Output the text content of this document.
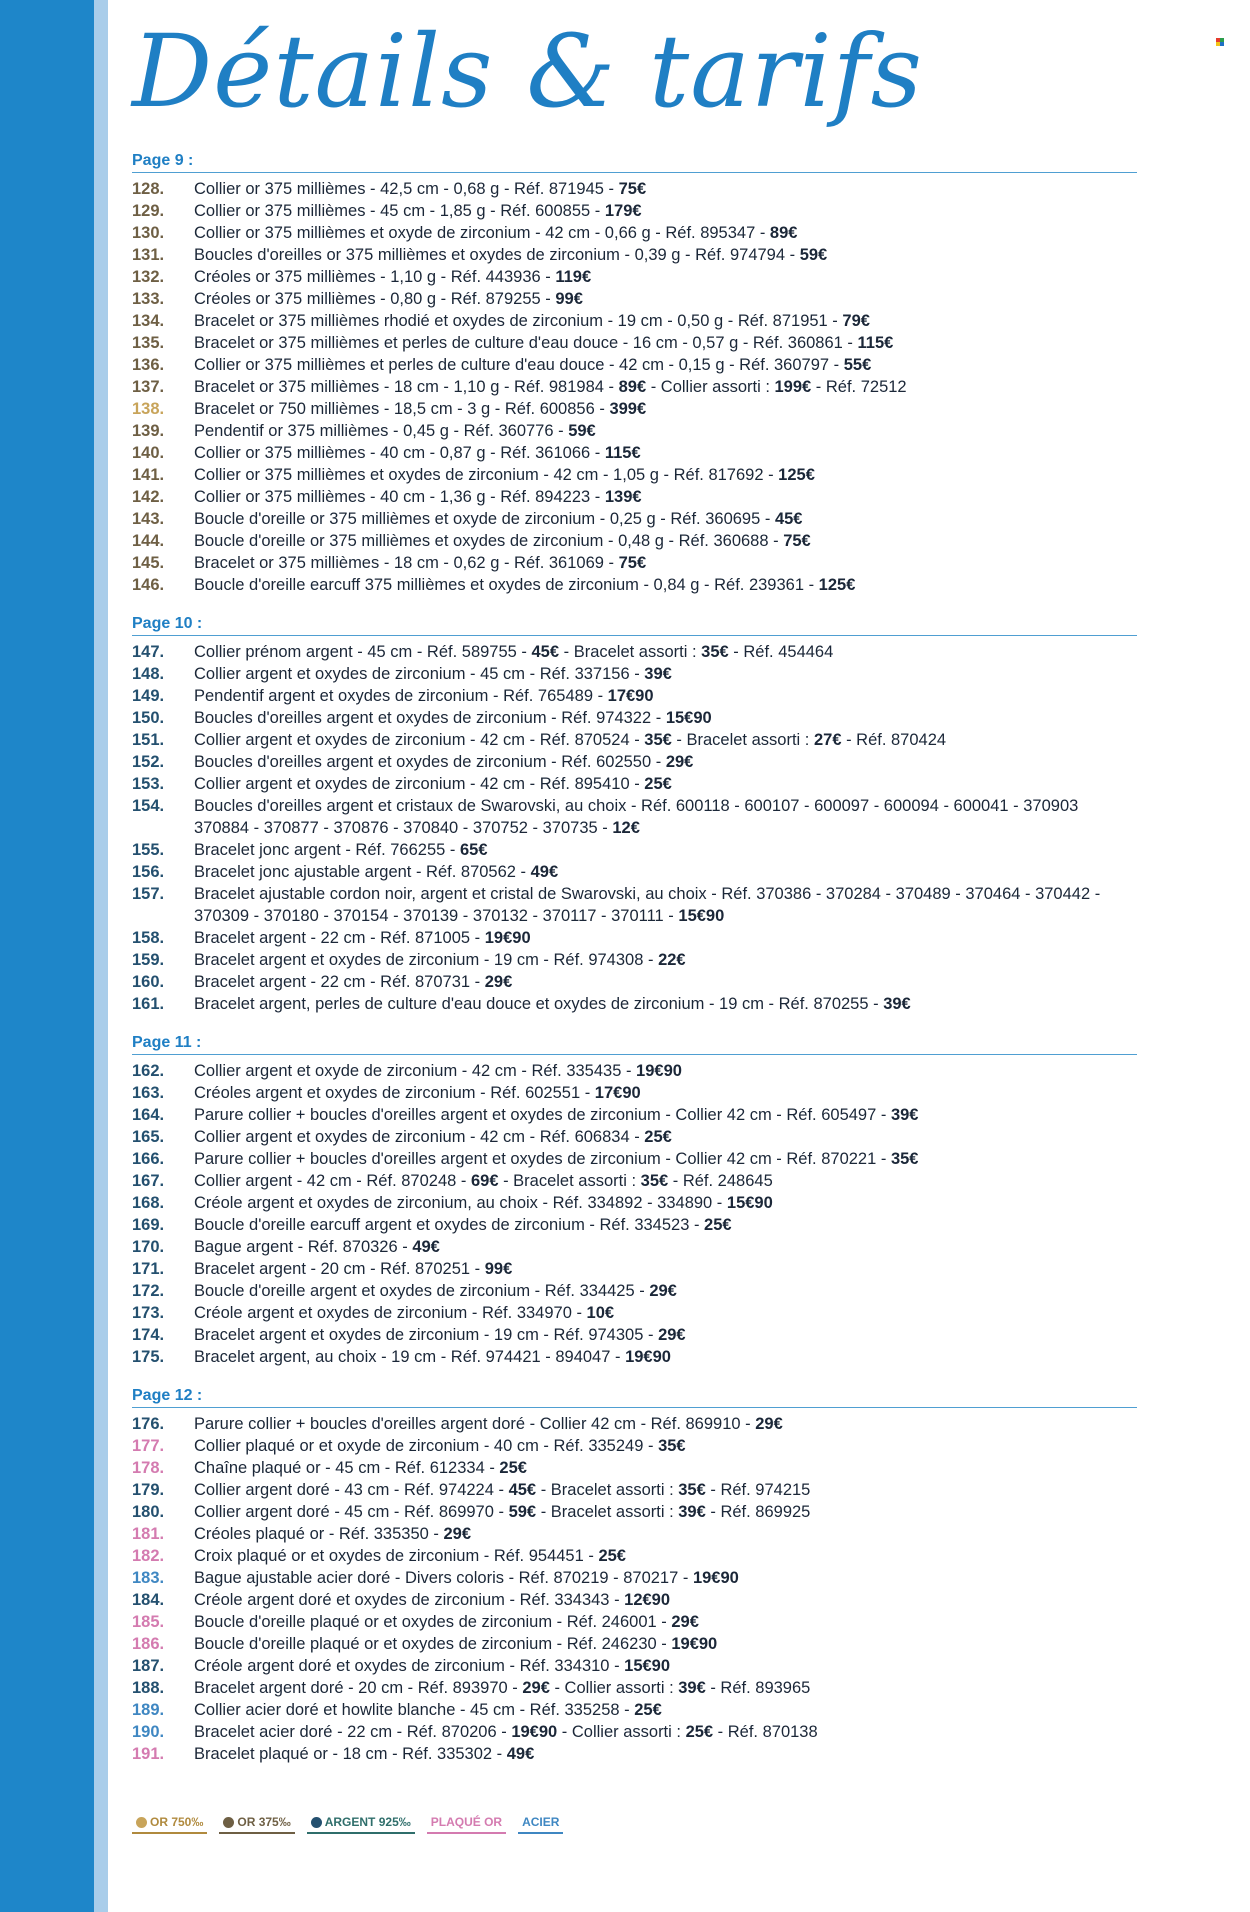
Détails & tarifs
Page 9 :
128.	Collier or 375 millièmes - 42,5 cm - 0,68 g - Réf. 871945 - 75€
129.	Collier or 375 millièmes - 45 cm - 1,85 g - Réf. 600855 - 179€
130.	Collier or 375 millièmes et oxyde de zirconium - 42 cm - 0,66 g - Réf. 895347 - 89€
131.	Boucles d'oreilles or 375 millièmes et oxydes de zirconium - 0,39 g - Réf. 974794 - 59€
132.	Créoles or 375 millièmes - 1,10 g - Réf. 443936 - 119€
133.	Créoles or 375 millièmes - 0,80 g - Réf. 879255 - 99€
134.	Bracelet or 375 millièmes rhodié et oxydes de zirconium - 19 cm - 0,50 g - Réf. 871951 - 79€
135.	Bracelet or 375 millièmes et perles de culture d'eau douce - 16 cm - 0,57 g - Réf. 360861 - 115€
136.	Collier or 375 millièmes et perles de culture d'eau douce - 42 cm - 0,15 g - Réf. 360797 - 55€
137.	Bracelet or 375 millièmes - 18 cm - 1,10 g - Réf. 981984 - 89€ - Collier assorti : 199€ - Réf. 72512
138.	Bracelet or 750 millièmes - 18,5 cm - 3 g - Réf. 600856 - 399€
139.	Pendentif or 375 millièmes - 0,45 g - Réf. 360776 - 59€
140.	Collier or 375 millièmes - 40 cm - 0,87 g - Réf. 361066 - 115€
141.	Collier or 375 millièmes et oxydes de zirconium - 42 cm - 1,05 g - Réf. 817692 - 125€
142.	Collier or 375 millièmes - 40 cm - 1,36 g - Réf. 894223 - 139€
143.	Boucle d'oreille or 375 millièmes et oxyde de zirconium - 0,25 g - Réf. 360695 - 45€
144.	Boucle d'oreille or 375 millièmes et oxydes de zirconium - 0,48 g - Réf. 360688 - 75€
145.	Bracelet or 375 millièmes - 18 cm - 0,62 g - Réf. 361069 - 75€
146.	Boucle d'oreille earcuff 375 millièmes et oxydes de zirconium - 0,84 g - Réf. 239361 - 125€
Page 10 :
147.	Collier prénom argent - 45 cm - Réf. 589755 - 45€ - Bracelet assorti : 35€ - Réf. 454464
148.	Collier argent et oxydes de zirconium - 45 cm - Réf. 337156 - 39€
149.	Pendentif argent et oxydes de zirconium - Réf. 765489 - 17€90
150.	Boucles d'oreilles argent et oxydes de zirconium - Réf. 974322 - 15€90
151.	Collier argent et oxydes de zirconium - 42 cm - Réf. 870524 - 35€ - Bracelet assorti : 27€ - Réf. 870424
152.	Boucles d'oreilles argent et oxydes de zirconium - Réf. 602550 - 29€
153.	Collier argent et oxydes de zirconium - 42 cm - Réf. 895410 - 25€
154.	Boucles d'oreilles argent et cristaux de Swarovski, au choix - Réf. 600118 - 600107 - 600097 - 600094 - 600041 - 370903 370884 - 370877 - 370876 - 370840 - 370752 - 370735 - 12€
155.	Bracelet jonc argent - Réf. 766255 - 65€
156.	Bracelet jonc ajustable argent - Réf. 870562 - 49€
157.	Bracelet ajustable cordon noir, argent et cristal de Swarovski, au choix - Réf. 370386 - 370284 - 370489 - 370464 - 370442 - 370309 - 370180 - 370154 - 370139 - 370132 - 370117 - 370111 - 15€90
158.	Bracelet argent - 22 cm - Réf. 871005 - 19€90
159.	Bracelet argent et oxydes de zirconium - 19 cm - Réf. 974308 - 22€
160.	Bracelet argent - 22 cm - Réf. 870731 - 29€
161.	Bracelet argent, perles de culture d'eau douce et oxydes de zirconium - 19 cm - Réf. 870255 - 39€
Page 11 :
162.	Collier argent et oxyde de zirconium - 42 cm - Réf. 335435 - 19€90
163.	Créoles argent et oxydes de zirconium - Réf. 602551 - 17€90
164.	Parure collier + boucles d'oreilles argent et oxydes de zirconium - Collier 42 cm - Réf. 605497 - 39€
165.	Collier argent et oxydes de zirconium - 42 cm - Réf. 606834 - 25€
166.	Parure collier + boucles d'oreilles argent et oxydes de zirconium - Collier 42 cm - Réf. 870221 - 35€
167.	Collier argent - 42 cm - Réf. 870248 - 69€ - Bracelet assorti : 35€ - Réf. 248645
168.	Créole argent et oxydes de zirconium, au choix - Réf. 334892 - 334890 - 15€90
169.	Boucle d'oreille earcuff argent et oxydes de zirconium - Réf. 334523 - 25€
170.	Bague argent - Réf. 870326 - 49€
171.	Bracelet argent - 20 cm - Réf. 870251 - 99€
172.	Boucle d'oreille argent et oxydes de zirconium - Réf. 334425 - 29€
173.	Créole argent et oxydes de zirconium - Réf. 334970 - 10€
174.	Bracelet argent et oxydes de zirconium - 19 cm - Réf. 974305 - 29€
175.	Bracelet argent, au choix - 19 cm - Réf. 974421 - 894047 - 19€90
Page 12 :
176.	Parure collier + boucles d'oreilles argent doré - Collier 42 cm - Réf. 869910 - 29€
177.	Collier plaqué or et oxyde de zirconium - 40 cm - Réf. 335249 - 35€
178.	Chaîne plaqué or - 45 cm - Réf. 612334 - 25€
179.	Collier argent doré - 43 cm - Réf. 974224 - 45€ - Bracelet assorti : 35€ - Réf. 974215
180.	Collier argent doré - 45 cm - Réf. 869970 - 59€ - Bracelet assorti : 39€ - Réf. 869925
181.	Créoles plaqué or - Réf. 335350 - 29€
182.	Croix plaqué or et oxydes de zirconium - Réf. 954451 - 25€
183.	Bague ajustable acier doré - Divers coloris - Réf. 870219 - 870217 - 19€90
184.	Créole argent doré et oxydes de zirconium - Réf. 334343 - 12€90
185.	Boucle d'oreille plaqué or et oxydes de zirconium - Réf. 246001 - 29€
186.	Boucle d'oreille plaqué or et oxydes de zirconium - Réf. 246230 - 19€90
187.	Créole argent doré et oxydes de zirconium - Réf. 334310 - 15€90
188.	Bracelet argent doré - 20 cm - Réf. 893970 - 29€ - Collier assorti : 39€ - Réf. 893965
189.	Collier acier doré et howlite blanche - 45 cm - Réf. 335258 - 25€
190.	Bracelet acier doré - 22 cm - Réf. 870206 - 19€90 - Collier assorti : 25€ - Réf. 870138
191.	Bracelet plaqué or - 18 cm - Réf. 335302 - 49€
OR 750‰	OR 375‰	ARGENT 925‰ PLAQUÉ OR ACIER
